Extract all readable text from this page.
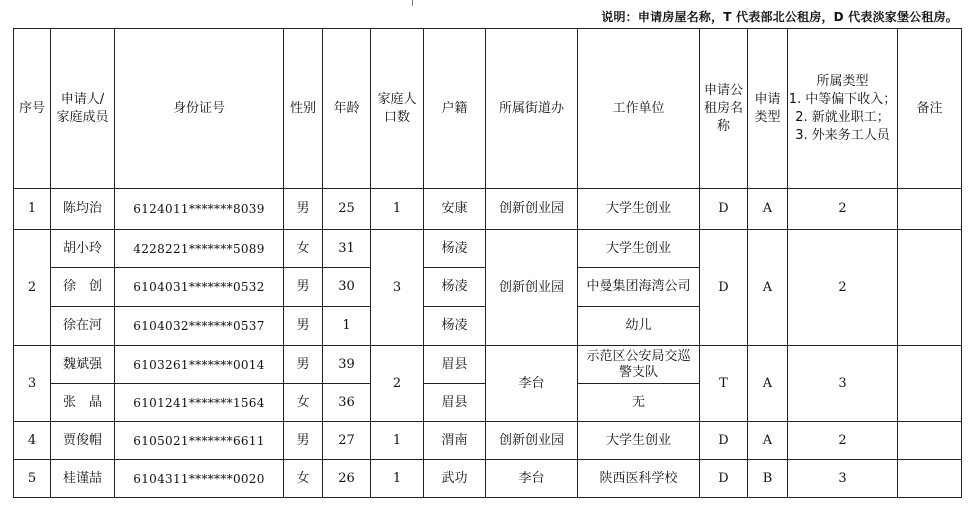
说明：申请房屋名称，T 代表部北公租房，D 代表淡家堡公租房。
序号	申请人/
家庭成员	身份证号	性别	年龄	家庭人
口数	户籍	所属街道办	工作单位	申请公
租房名
称	申请
类型	所属类型
1. 中等偏下收入；
2. 新就业职工；
3. 外来务工人员	备注
1	陈均治	6124011*******8039	男	25	1	安康	创新创业园	大学生创业	D	A	2	
2	胡小玲	4228221*******5089	女	31	3	杨凌	创新创业园	大学生创业	D	A	2	
	徐　创	6104031*******0532	男	30		杨凌		中曼集团海湾公司				
	徐在河	6104032*******0537	男	1		杨凌		幼儿				
3	魏斌强	6103261*******0014	男	39	2	眉县	李台	示范区公安局交巡
警支队	T	A	3	
	张　晶	6101241*******1564	女	36		眉县		无				
4	贾俊帽	6105021*******6611	男	27	1	渭南	创新创业园	大学生创业	D	A	2	
5	桂谨喆	6104311*******0020	女	26	1	武功	李台	陕西医科学校	D	B	3	
